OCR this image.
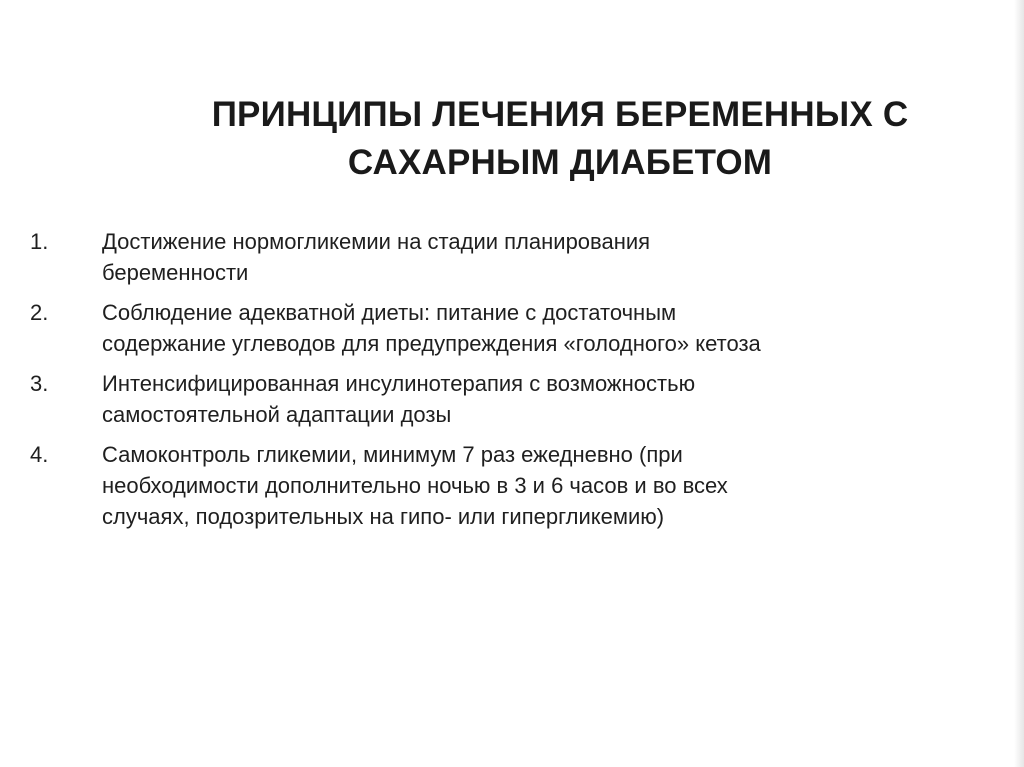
ПРИНЦИПЫ ЛЕЧЕНИЯ БЕРЕМЕННЫХ С
САХАРНЫМ ДИАБЕТОМ
1.	Достижение нормогликемии на стадии планирования
беременности
2.	Соблюдение адекватной диеты: питание с достаточным
содержание углеводов для предупреждения «голодного» кетоза
3.	Интенсифицированная инсулинотерапия с возможностью
самостоятельной адаптации дозы
4.	Самоконтроль гликемии, минимум 7 раз ежедневно (при
необходимости дополнительно ночью в 3 и 6 часов и во всех
случаях, подозрительных на гипо- или гипергликемию)
